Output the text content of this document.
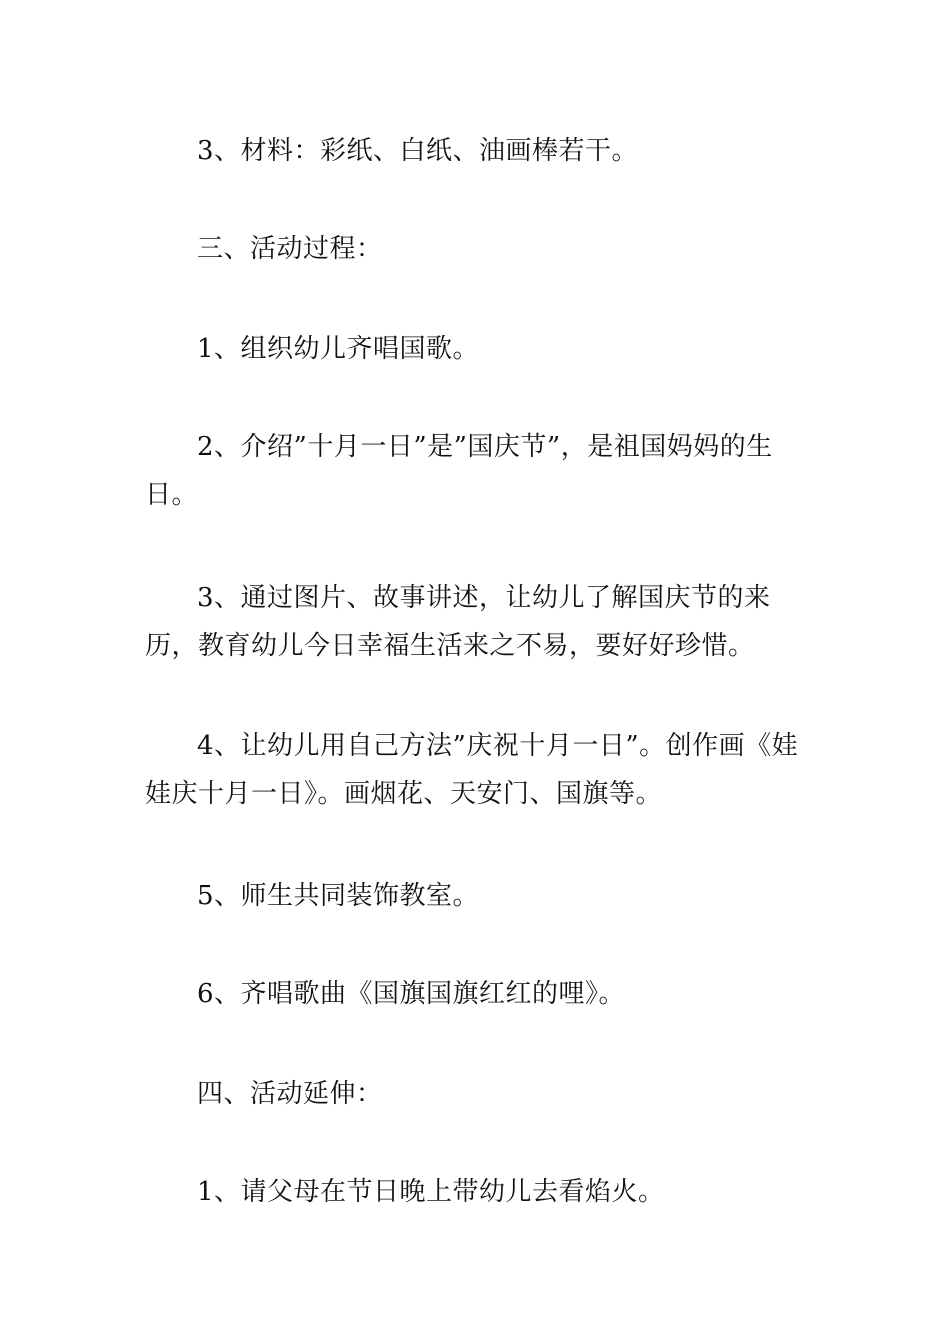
3、材料：彩纸、白纸、油画棒若干。

三、活动过程：

1、组织幼儿齐唱国歌。

2、介绍”十月一日”是”国庆节”，是祖国妈妈的生日。

3、通过图片、故事讲述，让幼儿了解国庆节的来历，教育幼儿今日幸福生活来之不易，要好好珍惜。

4、让幼儿用自己方法”庆祝十月一日”。创作画《娃娃庆十月一日》。画烟花、天安门、国旗等。

5、师生共同装饰教室。

6、齐唱歌曲《国旗国旗红红的哩》。

四、活动延伸：

1、请父母在节日晚上带幼儿去看焰火。
